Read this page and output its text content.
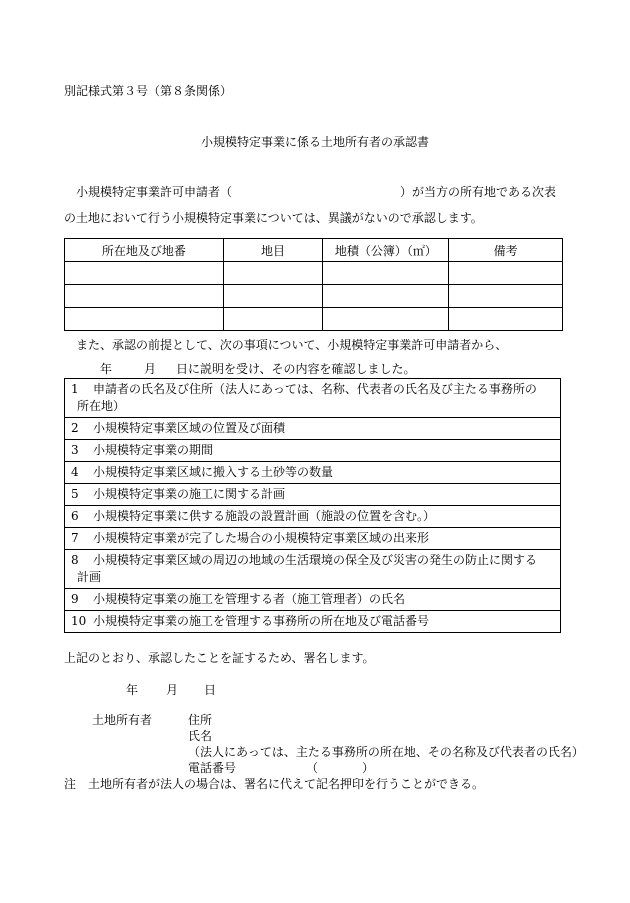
別記様式第３号（第８条関係）
小規模特定事業に係る土地所有者の承認書
小規模特定事業許可申請者（	）が当方の所有地である次表
の土地において行う小規模特定事業については、異議がないので承認します。
所在地及び地番	地目	地積（公簿）（㎡）	備考

また、承認の前提として、次の事項について、小規模特定事業許可申請者から、
年	月 日に説明を受け、その内容を確認しました。
1 申請者の氏名及び住所（法人にあっては、名称、代表者の氏名及び主たる事務所の
所在地）

2 小規模特定事業区域の位置及び面積
3 小規模特定事業の期間
4 小規模特定事業区域に搬入する土砂等の数量
5 小規模特定事業の施工に関する計画
6 小規模特定事業に供する施設の設置計画（施設の位置を含む。）
7 小規模特定事業が完了した場合の小規模特定事業区域の出来形
8 小規模特定事業区域の周辺の地域の生活環境の保全及び災害の発生の防止に関する
計画

9 小規模特定事業の施工を管理する者（施工管理者）の氏名
10 小規模特定事業の施工を管理する事務所の所在地及び電話番号
上記のとおり、承認したことを証するため、署名します。
年 月 日
土地所有者	住所
氏名
（法人にあっては、主たる事務所の所在地、その名称及び代表者の氏名）
電話番号	（	）
注　土地所有者が法人の場合は、署名に代えて記名押印を行うことができる。
